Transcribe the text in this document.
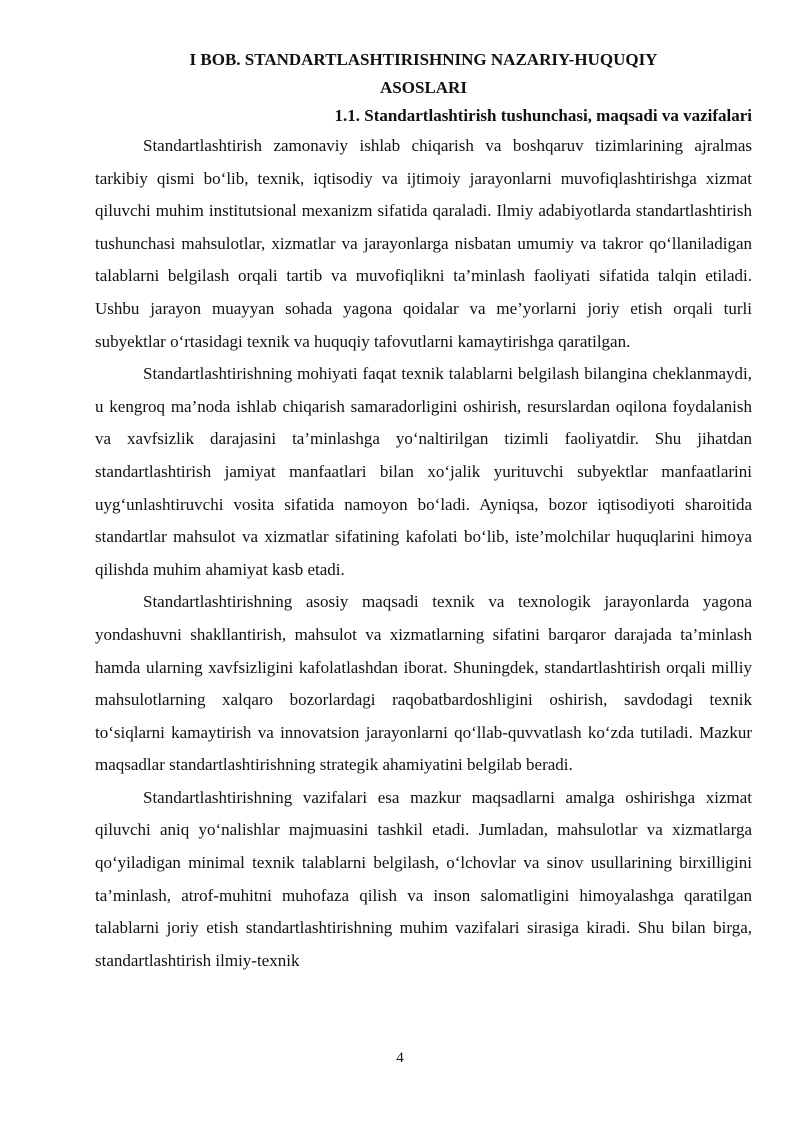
I BOB. STANDARTLASHTIRISHNING NAZARIY-HUQUQIY ASOSLARI
1.1. Standartlashtirish tushunchasi, maqsadi va vazifalari

Standartlashtirish zamonaviy ishlab chiqarish va boshqaruv tizimlarining ajralmas tarkibiy qismi bo‘lib, texnik, iqtisodiy va ijtimoiy jarayonlarni muvofiqlashtirishga xizmat qiluvchi muhim institutsional mexanizm sifatida qaraladi. Ilmiy adabiyotlarda standartlashtirish tushunchasi mahsulotlar, xizmatlar va jarayonlarga nisbatan umumiy va takror qo‘llaniladigan talablarni belgilash orqali tartib va muvofiqlikni ta’minlash faoliyati sifatida talqin etiladi. Ushbu jarayon muayyan sohada yagona qoidalar va me’yorlarni joriy etish orqali turli subyektlar o‘rtasidagi texnik va huquqiy tafovutlarni kamaytirishga qaratilgan.

Standartlashtirishning mohiyati faqat texnik talablarni belgilash bilangina cheklanmaydi, u kengroq ma’noda ishlab chiqarish samaradorligini oshirish, resurslardan oqilona foydalanish va xavfsizlik darajasini ta’minlashga yo‘naltirilgan tizimli faoliyatdir. Shu jihatdan standartlashtirish jamiyat manfaatlari bilan xo‘jalik yurituvchi subyektlar manfaatlarini uyg‘unlashtiruvchi vosita sifatida namoyon bo‘ladi. Ayniqsa, bozor iqtisodiyoti sharoitida standartlar mahsulot va xizmatlar sifatining kafolati bo‘lib, iste’molchilar huquqlarini himoya qilishda muhim ahamiyat kasb etadi.

Standartlashtirishning asosiy maqsadi texnik va texnologik jarayonlarda yagona yondashuvni shakllantirish, mahsulot va xizmatlarning sifatini barqaror darajada ta’minlash hamda ularning xavfsizligini kafolatlashdan iborat. Shuningdek, standartlashtirish orqali milliy mahsulotlarning xalqaro bozorlardagi raqobatbardoshligini oshirish, savdodagi texnik to‘siqlarni kamaytirish va innovatsion jarayonlarni qo‘llab-quvvatlash ko‘zda tutiladi. Mazkur maqsadlar standartlashtirishning strategik ahamiyatini belgilab beradi.

Standartlashtirishning vazifalari esa mazkur maqsadlarni amalga oshirishga xizmat qiluvchi aniq yo‘nalishlar majmuasini tashkil etadi. Jumladan, mahsulotlar va xizmatlarga qo‘yiladigan minimal texnik talablarni belgilash, o‘lchovlar va sinov usullarining birxilligini ta’minlash, atrof-muhitni muhofaza qilish va inson salomatligini himoyalashga qaratilgan talablarni joriy etish standartlashtirishning muhim vazifalari sirasiga kiradi. Shu bilan birga, standartlashtirish ilmiy-texnik

4
